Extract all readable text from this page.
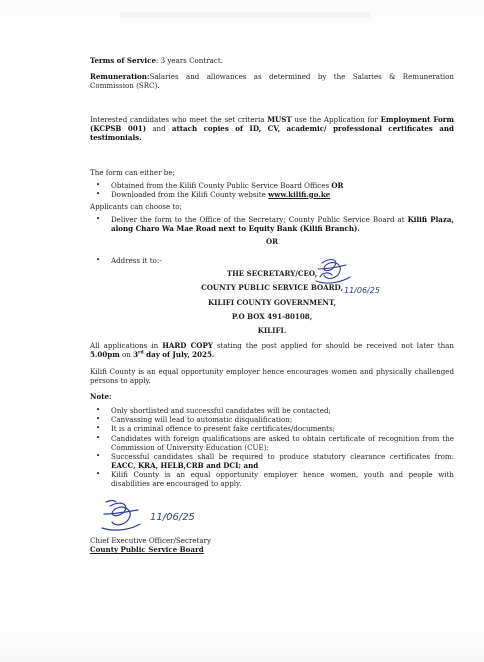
Terms of Service: 3 years Contract.

Remuneration:Salaries and allowances as determined by the Salaries & Remuneration Commission (SRC).

Interested candidates who meet the set criteria MUST use the Application for Employment Form (KCPSB 001) and attach copies of ID, CV, academic/ professional certificates and testimonials.

The form can either be;

• Obtained from the Kilifi County Public Service Board Offices OR
• Downloaded from the Kilifi County website www.kilifi.go.ke

Applicants can choose to;

• Deliver the form to the Office of the Secretary; County Public Service Board at Kilifi Plaza, along Charo Wa Mae Road next to Equity Bank (Kilifi Branch).

OR

• Address it to:-

THE SECRETARY/CEO,

COUNTY PUBLIC SERVICE BOARD,

KILIFI COUNTY GOVERNMENT,

P.O BOX 491-80108,

KILIFI.

11/06/25

All applications in HARD COPY stating the post applied for should be received not later than 5.00pm on 3rd day of July, 2025.

Kilifi County is an equal opportunity employer hence encourages women and physically challenged persons to apply.

Note:

• Only shortlisted and successful candidates will be contacted;
• Canvassing will lead to automatic disqualification;
• It is a criminal offence to present fake certificates/documents;
• Candidates with foreign qualifications are asked to obtain certificate of recognition from the Commission of University Education (CUE);
• Successful candidates shall be required to produce statutory clearance certificates from: EACC, KRA, HELB,CRB and DCI; and
• Kilifi County is an equal opportunity employer hence women, youth and people with disabilities are encouraged to apply.
11/06/25

Chief Executive Officer/Secretary

County Public Service Board
